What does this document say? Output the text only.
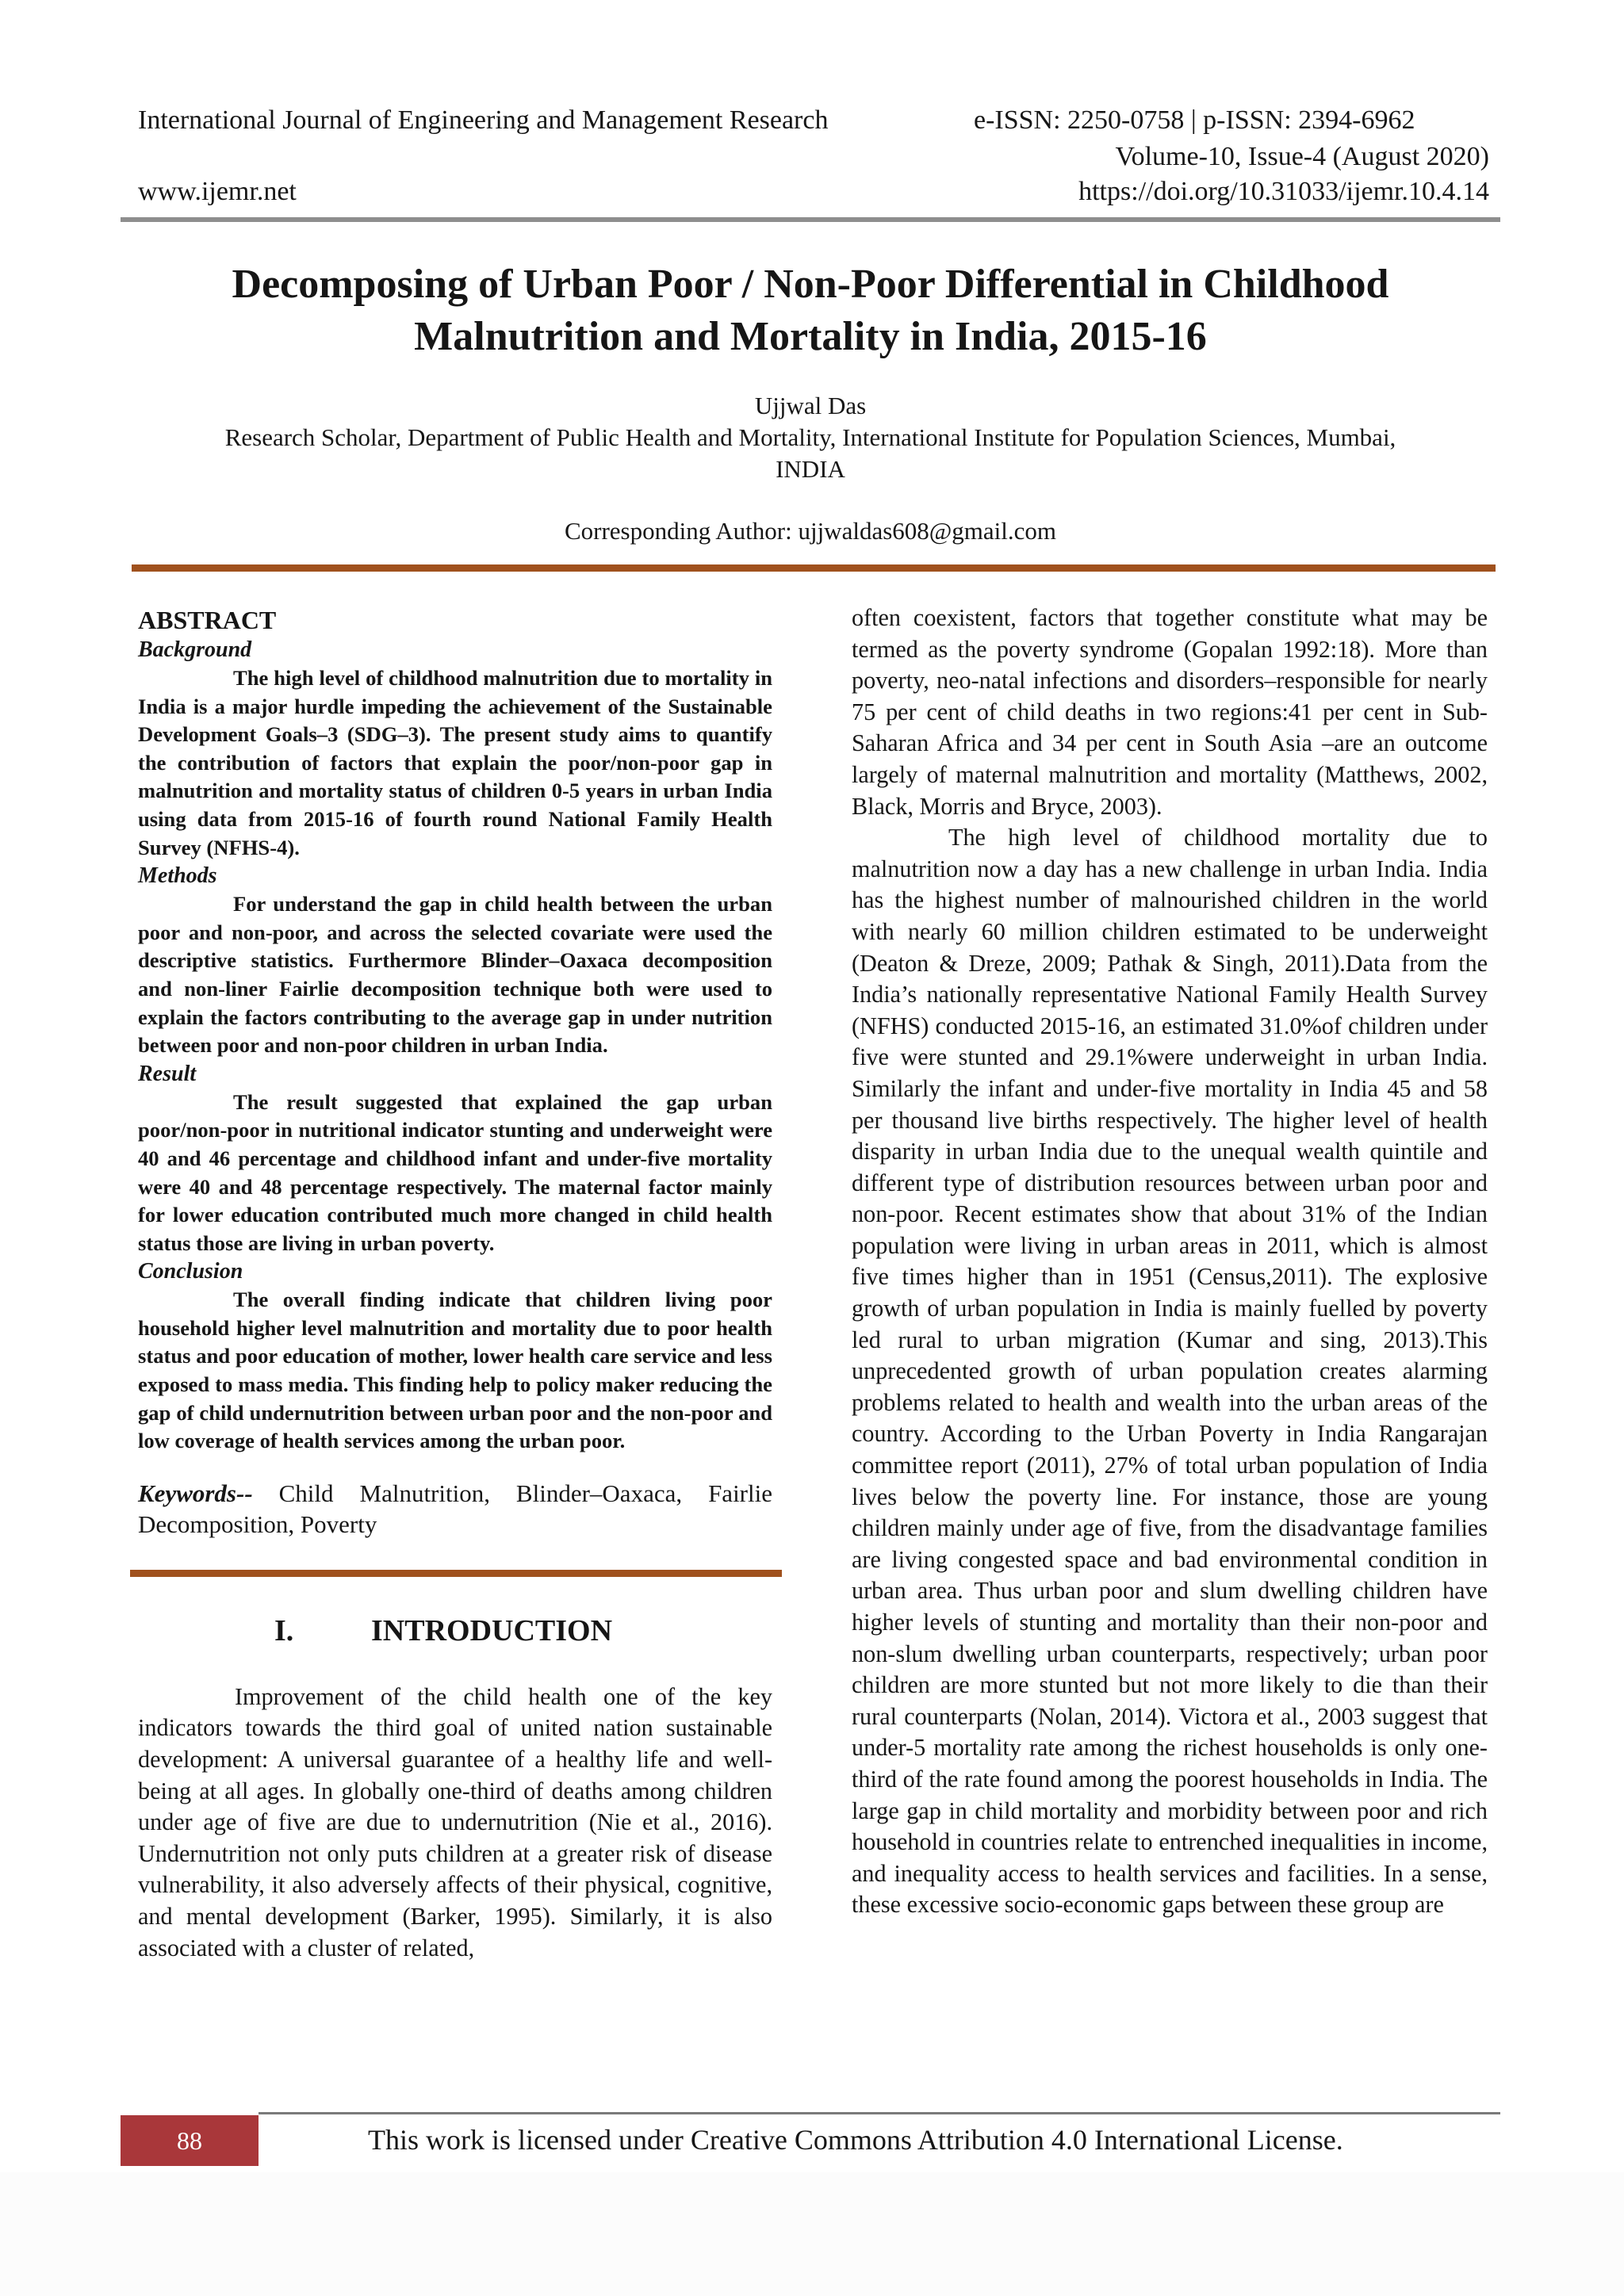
International Journal of Engineering and Management Research	e-ISSN: 2250-0758 | p-ISSN: 2394-6962
Volume-10, Issue-4 (August 2020)
www.ijemr.net	https://doi.org/10.31033/ijemr.10.4.14
Decomposing of Urban Poor / Non-Poor Differential in Childhood
Malnutrition and Mortality in India, 2015-16
Ujjwal Das
Research Scholar, Department of Public Health and Mortality, International Institute for Population Sciences, Mumbai,
INDIA
Corresponding Author: ujjwaldas608@gmail.com
ABSTRACT
Background

The high level of childhood malnutrition due to mortality in India is a major hurdle impeding the achievement of the Sustainable Development Goals–3 (SDG–3). The present study aims to quantify the contribution of factors that explain the poor/non-poor gap in malnutrition and mortality status of children 0-5 years in urban India using data from 2015-16 of fourth round National Family Health Survey (NFHS-4).

Methods

For understand the gap in child health between the urban poor and non-poor, and across the selected covariate were used the descriptive statistics. Furthermore Blinder–Oaxaca decomposition and non-liner Fairlie decomposition technique both were used to explain the factors contributing to the average gap in under nutrition between poor and non-poor children in urban India.

Result

The result suggested that explained the gap urban poor/non-poor in nutritional indicator stunting and underweight were 40 and 46 percentage and childhood infant and under-five mortality were 40 and 48 percentage respectively. The maternal factor mainly for lower education contributed much more changed in child health status those are living in urban poverty.

Conclusion

The overall finding indicate that children living poor household higher level malnutrition and mortality due to poor health status and poor education of mother, lower health care service and less exposed to mass media. This finding help to policy maker reducing the gap of child undernutrition between urban poor and the non-poor and low coverage of health services among the urban poor.

Keywords-- Child Malnutrition, Blinder–Oaxaca, Fairlie Decomposition, Poverty
I.	INTRODUCTION

Improvement of the child health one of the key indicators towards the third goal of united nation sustainable development: A universal guarantee of a healthy life and well-being at all ages. In globally one-third of deaths among children under age of five are due to undernutrition (Nie et al., 2016). Undernutrition not only puts children at a greater risk of disease vulnerability, it also adversely affects of their physical, cognitive, and mental development (Barker, 1995). Similarly, it is also associated with a cluster of related,

often coexistent, factors that together constitute what may be termed as the poverty syndrome (Gopalan 1992:18). More than poverty, neo-natal infections and disorders–responsible for nearly 75 per cent of child deaths in two regions:41 per cent in Sub-Saharan Africa and 34 per cent in South Asia –are an outcome largely of maternal malnutrition and mortality (Matthews, 2002, Black, Morris and Bryce, 2003).

The high level of childhood mortality due to malnutrition now a day has a new challenge in urban India. India has the highest number of malnourished children in the world with nearly 60 million children estimated to be underweight (Deaton & Dreze, 2009; Pathak & Singh, 2011).Data from the India’s nationally representative National Family Health Survey (NFHS) conducted 2015-16, an estimated 31.0%of children under five were stunted and 29.1%were underweight in urban India. Similarly the infant and under-five mortality in India 45 and 58 per thousand live births respectively. The higher level of health disparity in urban India due to the unequal wealth quintile and different type of distribution resources between urban poor and non-poor. Recent estimates show that about 31% of the Indian population were living in urban areas in 2011, which is almost five times higher than in 1951 (Census,2011). The explosive growth of urban population in India is mainly fuelled by poverty led rural to urban migration (Kumar and sing, 2013).This unprecedented growth of urban population creates alarming problems related to health and wealth into the urban areas of the country. According to the Urban Poverty in India Rangarajan committee report (2011), 27% of total urban population of India lives below the poverty line. For instance, those are young children mainly under age of five, from the disadvantage families are living congested space and bad environmental condition in urban area. Thus urban poor and slum dwelling children have higher levels of stunting and mortality than their non-poor and non-slum dwelling urban counterparts, respectively; urban poor children are more stunted but not more likely to die than their rural counterparts (Nolan, 2014). Victora et al., 2003 suggest that under-5 mortality rate among the richest households is only one-third of the rate found among the poorest households in India. The large gap in child mortality and morbidity between poor and rich household in countries relate to entrenched inequalities in income, and inequality access to health services and facilities. In a sense, these excessive socio-economic gaps between these group are

88	This work is licensed under Creative Commons Attribution 4.0 International License.
